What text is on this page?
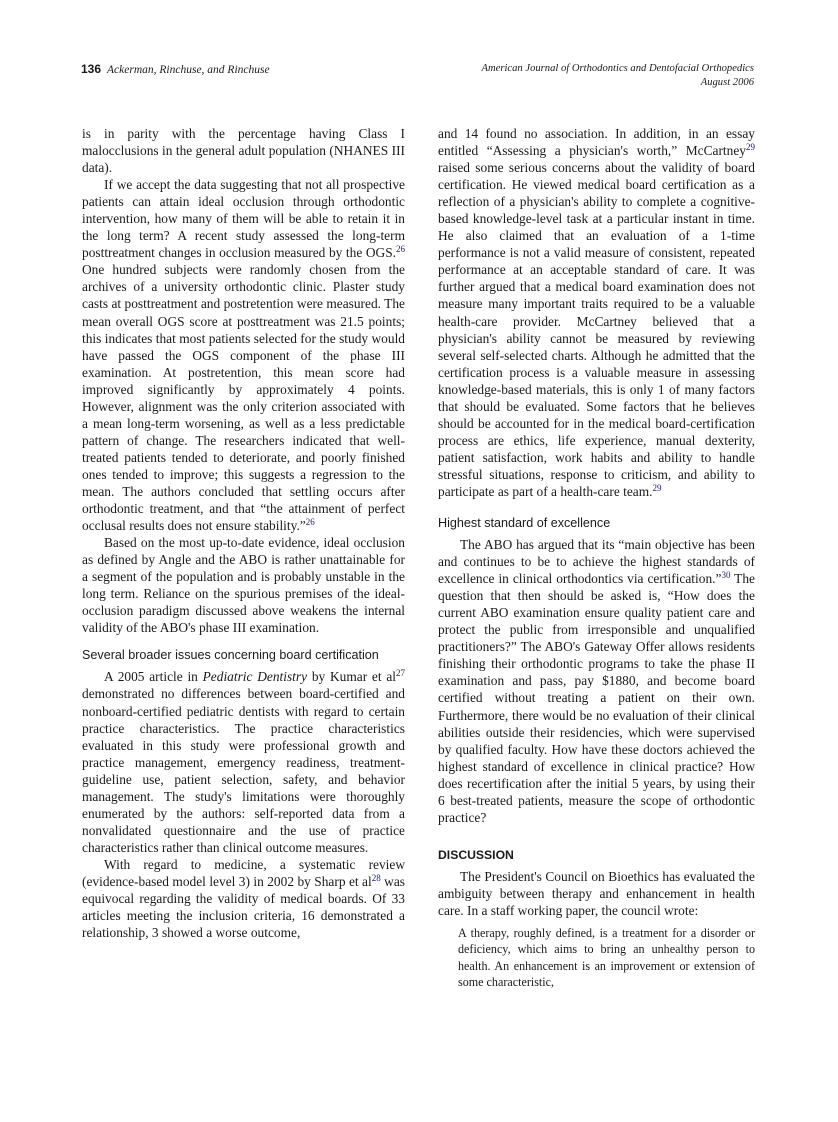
136 Ackerman, Rinchuse, and Rinchuse	American Journal of Orthodontics and Dentofacial Orthopedics
August 2006

is in parity with the percentage having Class I malocclusions in the general adult population (NHANES III data).

If we accept the data suggesting that not all prospective patients can attain ideal occlusion through orthodontic intervention, how many of them will be able to retain it in the long term? A recent study assessed the long-term posttreatment changes in occlusion measured by the OGS.$^{26}$ One hundred subjects were randomly chosen from the archives of a university orthodontic clinic. Plaster study casts at posttreatment and postretention were measured. The mean overall OGS score at posttreatment was 21.5 points; this indicates that most patients selected for the study would have passed the OGS component of the phase III examination. At postretention, this mean score had improved significantly by approximately 4 points. However, alignment was the only criterion associated with a mean long-term worsening, as well as a less predictable pattern of change. The researchers indicated that well-treated patients tended to deteriorate, and poorly finished ones tended to improve; this suggests a regression to the mean. The authors concluded that settling occurs after orthodontic treatment, and that “the attainment of perfect occlusal results does not ensure stability.”$^{26}$

Based on the most up-to-date evidence, ideal occlusion as defined by Angle and the ABO is rather unattainable for a segment of the population and is probably unstable in the long term. Reliance on the spurious premises of the ideal-occlusion paradigm discussed above weakens the internal validity of the ABO's phase III examination.

Several broader issues concerning board certification

A 2005 article in Pediatric Dentistry by Kumar et $al^{27}$ demonstrated no differences between board-certified and nonboard-certified pediatric dentists with regard to certain practice characteristics. The practice characteristics evaluated in this study were professional growth and practice management, emergency readiness, treatment-guideline use, patient selection, safety, and behavior management. The study's limitations were thoroughly enumerated by the authors: self-reported data from a nonvalidated questionnaire and the use of practice characteristics rather than clinical outcome measures.

With regard to medicine, a systematic review (evidence-based model level 3) in 2002 by Sharp et $al^{28}$ was equivocal regarding the validity of medical boards. Of 33 articles meeting the inclusion criteria, 16 demonstrated a relationship, 3 showed a worse outcome,

and 14 found no association. In addition, in an essay entitled “Assessing a physician's worth,” McCartney$^{29}$ raised some serious concerns about the validity of board certification. He viewed medical board certification as a reflection of a physician's ability to complete a cognitive-based knowledge-level task at a particular instant in time. He also claimed that an evaluation of a 1-time performance is not a valid measure of consistent, repeated performance at an acceptable standard of care. It was further argued that a medical board examination does not measure many important traits required to be a valuable health-care provider. McCartney believed that a physician's ability cannot be measured by reviewing several self-selected charts. Although he admitted that the certification process is a valuable measure in assessing knowledge-based materials, this is only 1 of many factors that should be evaluated. Some factors that he believes should be accounted for in the medical board-certification process are ethics, life experience, manual dexterity, patient satisfaction, work habits and ability to handle stressful situations, response to criticism, and ability to participate as part of a health-care team.$^{29}$

Highest standard of excellence

The ABO has argued that its “main objective has been and continues to be to achieve the highest standards of excellence in clinical orthodontics via certification.”$^{30}$ The question that then should be asked is, “How does the current ABO examination ensure quality patient care and protect the public from irresponsible and unqualified practitioners?” The ABO's Gateway Offer allows residents finishing their orthodontic programs to take the phase II examination and pass, pay $1880, and become board certified without treating a patient on their own. Furthermore, there would be no evaluation of their clinical abilities outside their residencies, which were supervised by qualified faculty. How have these doctors achieved the highest standard of excellence in clinical practice? How does recertification after the initial 5 years, by using their 6 best-treated patients, measure the scope of orthodontic practice?

DISCUSSION

The President's Council on Bioethics has evaluated the ambiguity between therapy and enhancement in health care. In a staff working paper, the council wrote:

A therapy, roughly defined, is a treatment for a disorder or deficiency, which aims to bring an unhealthy person to health. An enhancement is an improvement or extension of some characteristic,
